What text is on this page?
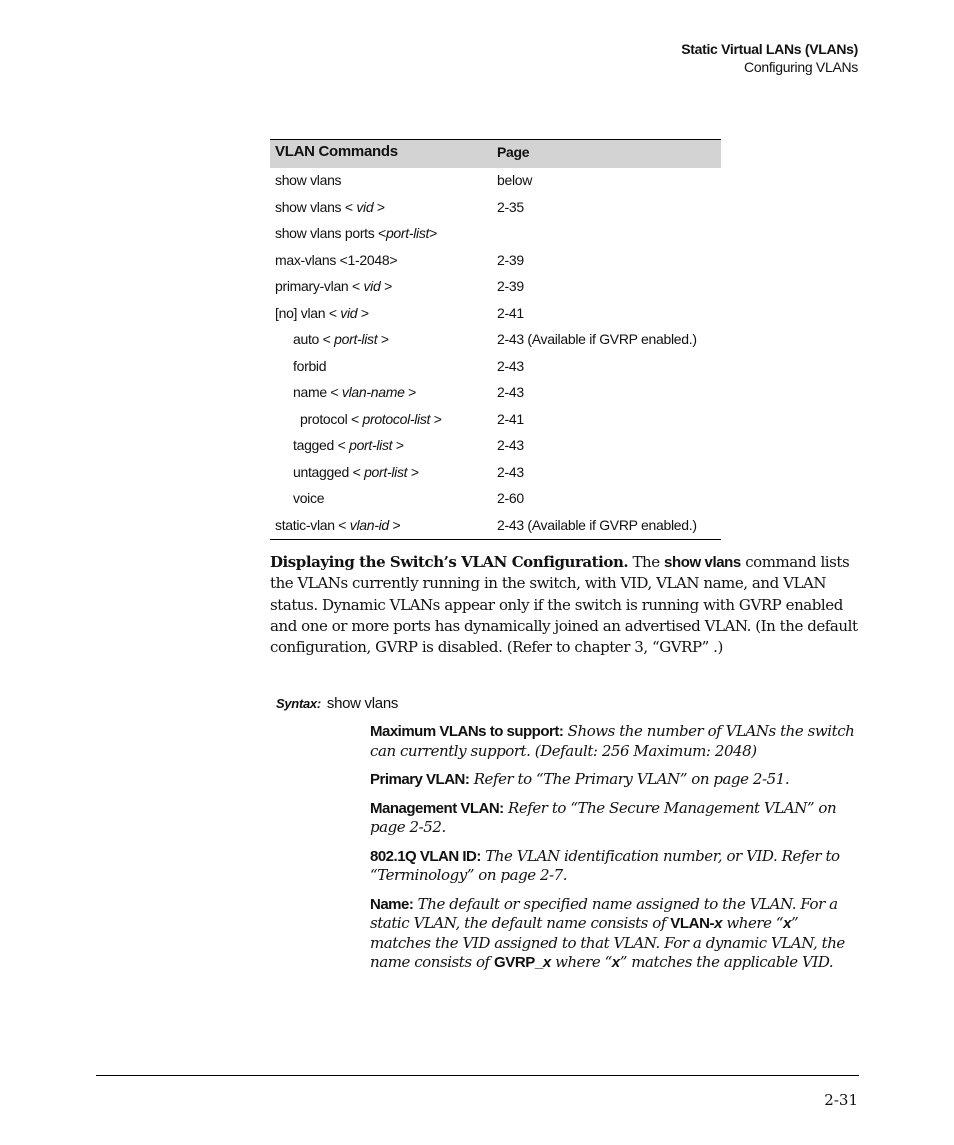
Static Virtual LANs (VLANs)
Configuring VLANs
VLAN Commands	Page
show vlans	below
show vlans < vid >	2-35
show vlans ports <port-list>
max-vlans <1-2048>	2-39
primary-vlan < vid >	2-39
[no] vlan < vid >	2-41
auto < port-list >	2-43 (Available if GVRP enabled.)
forbid	2-43
name < vlan-name >	2-43
protocol < protocol-list >	2-41
tagged < port-list >	2-43
untagged < port-list >	2-43
voice	2-60
static-vlan < vlan-id >	2-43 (Available if GVRP enabled.)
Displaying the Switch’s VLAN Configuration. The show vlans command lists the VLANs currently running in the switch, with VID, VLAN name, and VLAN status. Dynamic VLANs appear only if the switch is running with GVRP enabled and one or more ports has dynamically joined an advertised VLAN. (In the default configuration, GVRP is disabled. (Refer to chapter 3, “GVRP” .)
Syntax: show vlans
Maximum VLANs to support: Shows the number of VLANs the switch can currently support. (Default: 256 Maximum: 2048)
Primary VLAN: Refer to “The Primary VLAN” on page 2-51.
Management VLAN: Refer to “The Secure Management VLAN” on page 2-52.
802.1Q VLAN ID: The VLAN identification number, or VID. Refer to “Terminology” on page 2-7.
Name: The default or specified name assigned to the VLAN. For a static VLAN, the default name consists of VLAN-x where “x” matches the VID assigned to that VLAN. For a dynamic VLAN, the name consists of GVRP_x where “x” matches the applicable VID.
2-31
